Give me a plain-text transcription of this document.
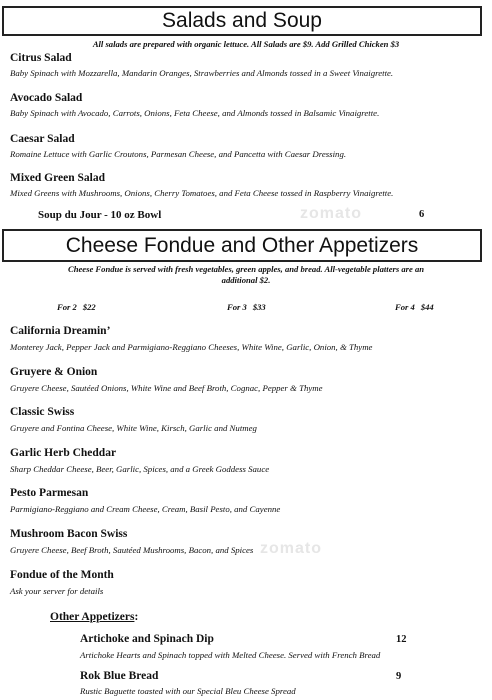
zomato
zomato
Salads and Soup
All salads are prepared with organic lettuce. All Salads are $9. Add Grilled Chicken $3
Citrus Salad
Baby Spinach with Mozzarella, Mandarin Oranges, Strawberries and Almonds tossed in a Sweet Vinaigrette.
Avocado Salad
Baby Spinach with Avocado, Carrots, Onions, Feta Cheese, and Almonds tossed in Balsamic Vinaigrette.
Caesar Salad
Romaine Lettuce with Garlic Croutons, Parmesan Cheese, and Pancetta with Caesar Dressing.
Mixed Green Salad
Mixed Greens with Mushrooms, Onions, Cherry Tomatoes, and Feta Cheese tossed in Raspberry Vinaigrette.
Soup du Jour - 10 oz Bowl	6
Cheese Fondue and Other Appetizers
Cheese Fondue is served with fresh vegetables, green apples, and bread. All-vegetable platters are an
additional $2.
For 2 $22	For 3 $33	For 4 $44
California Dreamin’
Monterey Jack, Pepper Jack and Parmigiano-Reggiano Cheeses, White Wine, Garlic, Onion, & Thyme
Gruyere & Onion
Gruyere Cheese, Sautéed Onions, White Wine and Beef Broth, Cognac, Pepper & Thyme
Classic Swiss
Gruyere and Fontina Cheese, White Wine, Kirsch, Garlic and Nutmeg
Garlic Herb Cheddar
Sharp Cheddar Cheese, Beer, Garlic, Spices, and a Greek Goddess Sauce
Pesto Parmesan
Parmigiano-Reggiano and Cream Cheese, Cream, Basil Pesto, and Cayenne
Mushroom Bacon Swiss
Gruyere Cheese, Beef Broth, Sautéed Mushrooms, Bacon, and Spices
Fondue of the Month
Ask your server for details
Other Appetizers:
Artichoke and Spinach Dip	12
Artichoke Hearts and Spinach topped with Melted Cheese. Served with French Bread
Rok Blue Bread	9
Rustic Baguette toasted with our Special Bleu Cheese Spread
